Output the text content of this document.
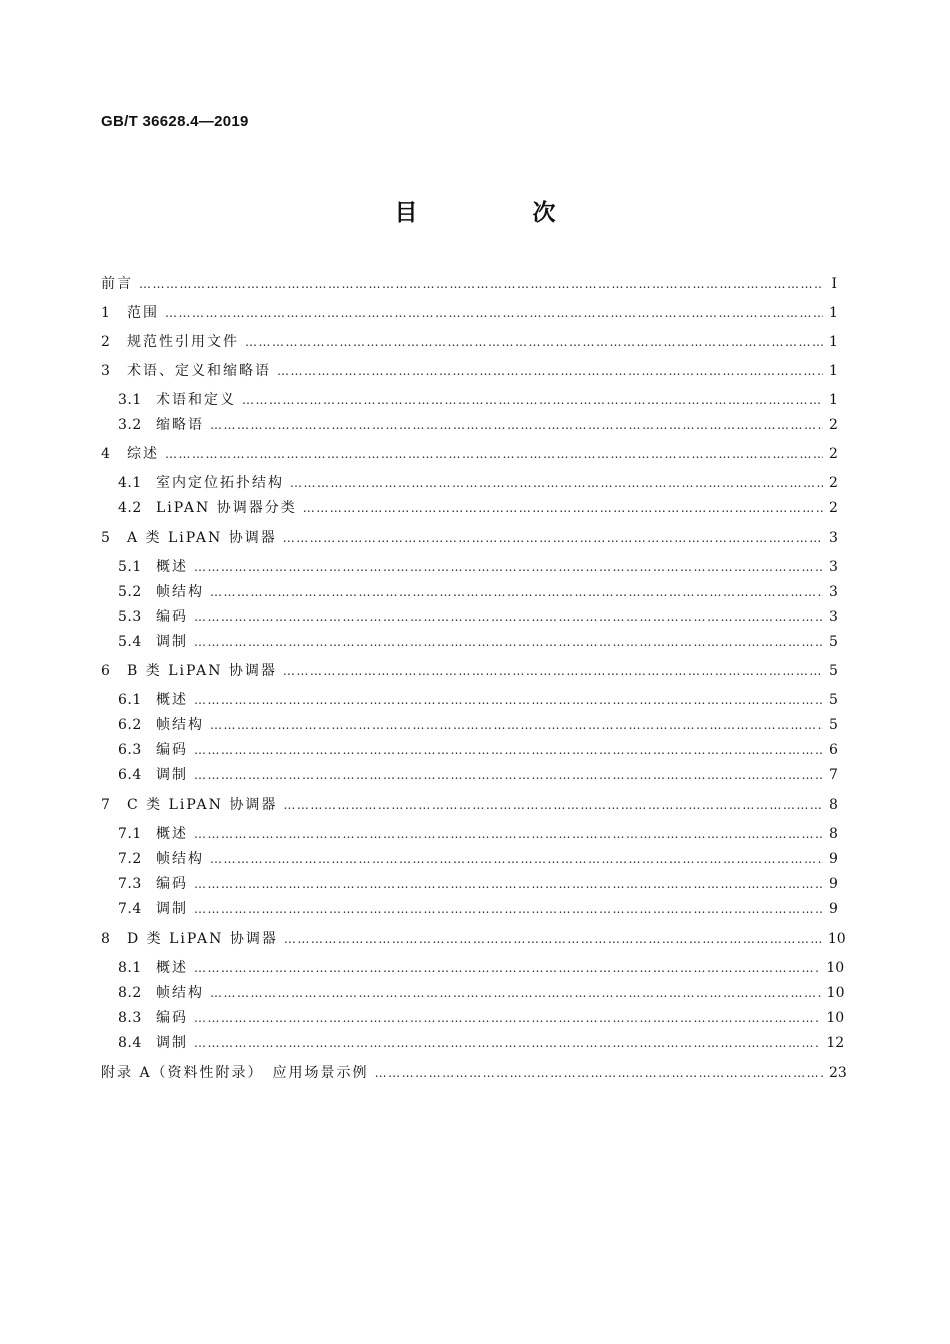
GB/T 36628.4—2019
目　次
前言 ………………………………………………………………………………………………………………………………………………………………………………………………………………	Ⅰ
1	范围 ………………………………………………………………………………………………………………………………………………………………………………………………………………	1
2	规范性引用文件 ………………………………………………………………………………………………………………………………………………………………………………………………………………	1
3	术语、定义和缩略语 ………………………………………………………………………………………………………………………………………………………………………………………………………………	1
3.1	术语和定义 ………………………………………………………………………………………………………………………………………………………………………………………………………………	1
3.2	缩略语 ………………………………………………………………………………………………………………………………………………………………………………………………………………	2
4	综述 ………………………………………………………………………………………………………………………………………………………………………………………………………………	2
4.1	室内定位拓扑结构 ………………………………………………………………………………………………………………………………………………………………………………………………………………	2
4.2	LiPAN 协调器分类 ………………………………………………………………………………………………………………………………………………………………………………………………………………	2
5	A 类 LiPAN 协调器 ………………………………………………………………………………………………………………………………………………………………………………………………………………	3
5.1	概述 ………………………………………………………………………………………………………………………………………………………………………………………………………………	3
5.2	帧结构 ………………………………………………………………………………………………………………………………………………………………………………………………………………	3
5.3	编码 ………………………………………………………………………………………………………………………………………………………………………………………………………………	3
5.4	调制 ………………………………………………………………………………………………………………………………………………………………………………………………………………	5
6	B 类 LiPAN 协调器 ………………………………………………………………………………………………………………………………………………………………………………………………………………	5
6.1	概述 ………………………………………………………………………………………………………………………………………………………………………………………………………………	5
6.2	帧结构 ………………………………………………………………………………………………………………………………………………………………………………………………………………	5
6.3	编码 ………………………………………………………………………………………………………………………………………………………………………………………………………………	6
6.4	调制 ………………………………………………………………………………………………………………………………………………………………………………………………………………	7
7	C 类 LiPAN 协调器 ………………………………………………………………………………………………………………………………………………………………………………………………………………	8
7.1	概述 ………………………………………………………………………………………………………………………………………………………………………………………………………………	8
7.2	帧结构 ………………………………………………………………………………………………………………………………………………………………………………………………………………	9
7.3	编码 ………………………………………………………………………………………………………………………………………………………………………………………………………………	9
7.4	调制 ………………………………………………………………………………………………………………………………………………………………………………………………………………	9
8	D 类 LiPAN 协调器 ………………………………………………………………………………………………………………………………………………………………………………………………………………	10
8.1	概述 ………………………………………………………………………………………………………………………………………………………………………………………………………………	10
8.2	帧结构 ………………………………………………………………………………………………………………………………………………………………………………………………………………	10
8.3	编码 ………………………………………………………………………………………………………………………………………………………………………………………………………………	10
8.4	调制 ………………………………………………………………………………………………………………………………………………………………………………………………………………	12
附录 A（资料性附录）　应用场景示例 ………………………………………………………………………………………………………………………………………………………………………………………………………………	23
